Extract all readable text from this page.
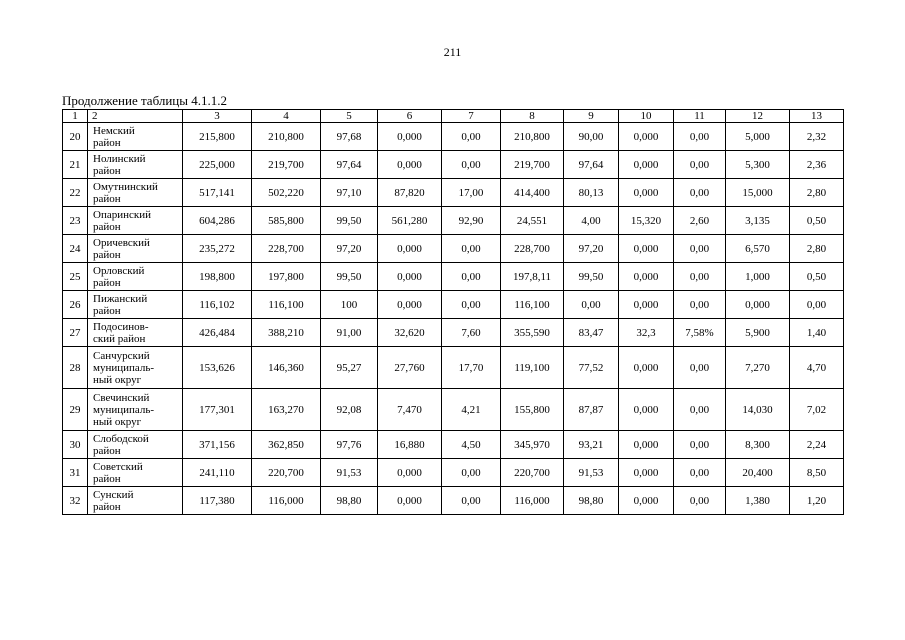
211
Продолжение таблицы 4.1.1.2
1	2	3	4	5	6	7	8	9	10	11	12	13
20	Немский
район	215,800	210,800	97,68	0,000	0,00	210,800	90,00	0,000	0,00	5,000	2,32
21	Нолинский
район	225,000	219,700	97,64	0,000	0,00	219,700	97,64	0,000	0,00	5,300	2,36
22	Омутнинский
район	517,141	502,220	97,10	87,820	17,00	414,400	80,13	0,000	0,00	15,000	2,80
23	Опаринский
район	604,286	585,800	99,50	561,280	92,90	24,551	4,00	15,320	2,60	3,135	0,50
24	Оричевский
район	235,272	228,700	97,20	0,000	0,00	228,700	97,20	0,000	0,00	6,570	2,80
25	Орловский
район	198,800	197,800	99,50	0,000	0,00	197,8,11	99,50	0,000	0,00	1,000	0,50
26	Пижанский
район	116,102	116,100	100	0,000	0,00	116,100	0,00	0,000	0,00	0,000	0,00
27	Подосинов-
ский район	426,484	388,210	91,00	32,620	7,60	355,590	83,47	32,3	7,58%	5,900	1,40
28	Санчурский
муниципаль-
ный округ	153,626	146,360	95,27	27,760	17,70	119,100	77,52	0,000	0,00	7,270	4,70
29	Свечинский
муниципаль-
ный округ	177,301	163,270	92,08	7,470	4,21	155,800	87,87	0,000	0,00	14,030	7,02
30	Слободской
район	371,156	362,850	97,76	16,880	4,50	345,970	93,21	0,000	0,00	8,300	2,24
31	Советский
район	241,110	220,700	91,53	0,000	0,00	220,700	91,53	0,000	0,00	20,400	8,50
32	Сунский
район	117,380	116,000	98,80	0,000	0,00	116,000	98,80	0,000	0,00	1,380	1,20
